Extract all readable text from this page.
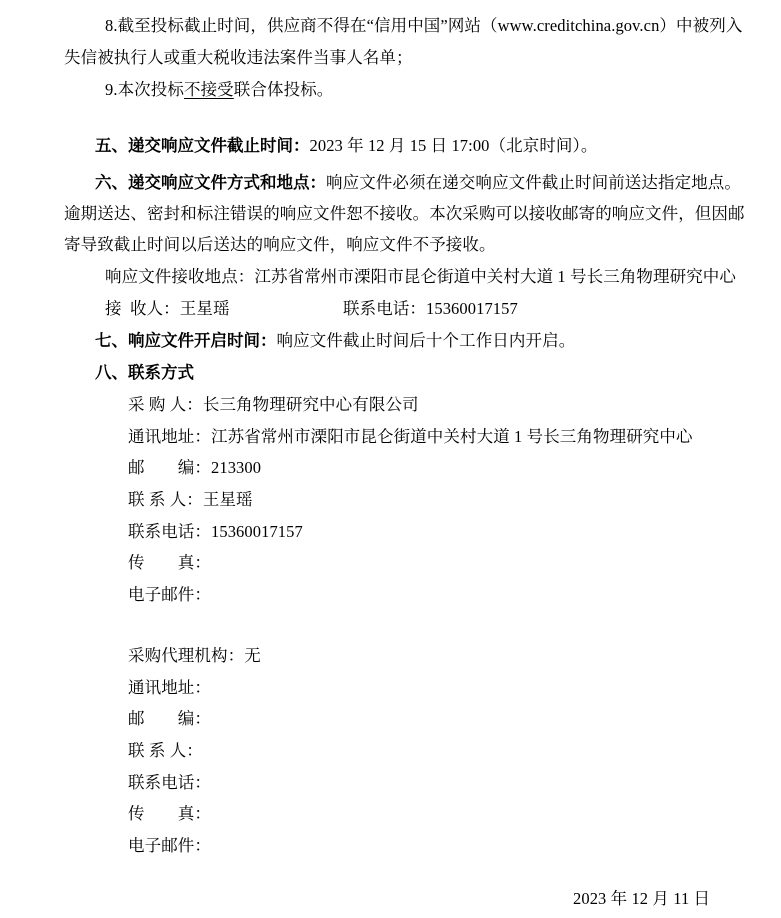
8.截至投标截止时间，供应商不得在“信用中国”网站（www.creditchina.gov.cn）中被列入
失信被执行人或重大税收违法案件当事人名单；
9.本次投标不接受联合体投标。
五、递交响应文件截止时间：2023 年 12 月 15 日 17:00（北京时间）。
六、递交响应文件方式和地点：响应文件必须在递交响应文件截止时间前送达指定地点。
逾期送达、密封和标注错误的响应文件恕不接收。本次采购可以接收邮寄的响应文件，但因邮
寄导致截止时间以后送达的响应文件，响应文件不予接收。
响应文件接收地点：江苏省常州市溧阳市昆仑街道中关村大道 1 号长三角物理研究中心
接 收人：王星瑶	联系电话：15360017157
七、响应文件开启时间：响应文件截止时间后十个工作日内开启。
八、联系方式
采 购 人：长三角物理研究中心有限公司
通讯地址：江苏省常州市溧阳市昆仑街道中关村大道 1 号长三角物理研究中心
邮　　编：213300
联 系 人：王星瑶
联系电话：15360017157
传　　真：
电子邮件：
采购代理机构：无
通讯地址：
邮　　编：
联 系 人：
联系电话：
传　　真：
电子邮件：
2023 年 12 月 11 日
